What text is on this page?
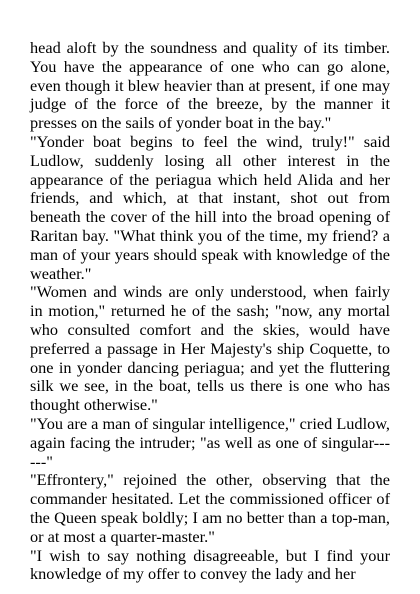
head aloft by the soundness and quality of its timber. You have the appearance of one who can go alone, even though it blew heavier than at present, if one may judge of the force of the breeze, by the manner it presses on the sails of yonder boat in the bay."

"Yonder boat begins to feel the wind, truly!" said Ludlow, suddenly losing all other interest in the appearance of the periagua which held Alida and her friends, and which, at that instant, shot out from beneath the cover of the hill into the broad opening of Raritan bay. "What think you of the time, my friend? a man of your years should speak with knowledge of the weather."

"Women and winds are only understood, when fairly in motion," returned he of the sash; "now, any mortal who consulted comfort and the skies, would have preferred a passage in Her Majesty's ship Coquette, to one in yonder dancing periagua; and yet the fluttering silk we see, in the boat, tells us there is one who has thought otherwise."

"You are a man of singular intelligence," cried Ludlow, again facing the intruder; "as well as one of singular------"

"Effrontery," rejoined the other, observing that the commander hesitated. Let the commissioned officer of the Queen speak boldly; I am no better than a top-man, or at most a quarter-master."

"I wish to say nothing disagreeable, but I find your knowledge of my offer to convey the lady and her
